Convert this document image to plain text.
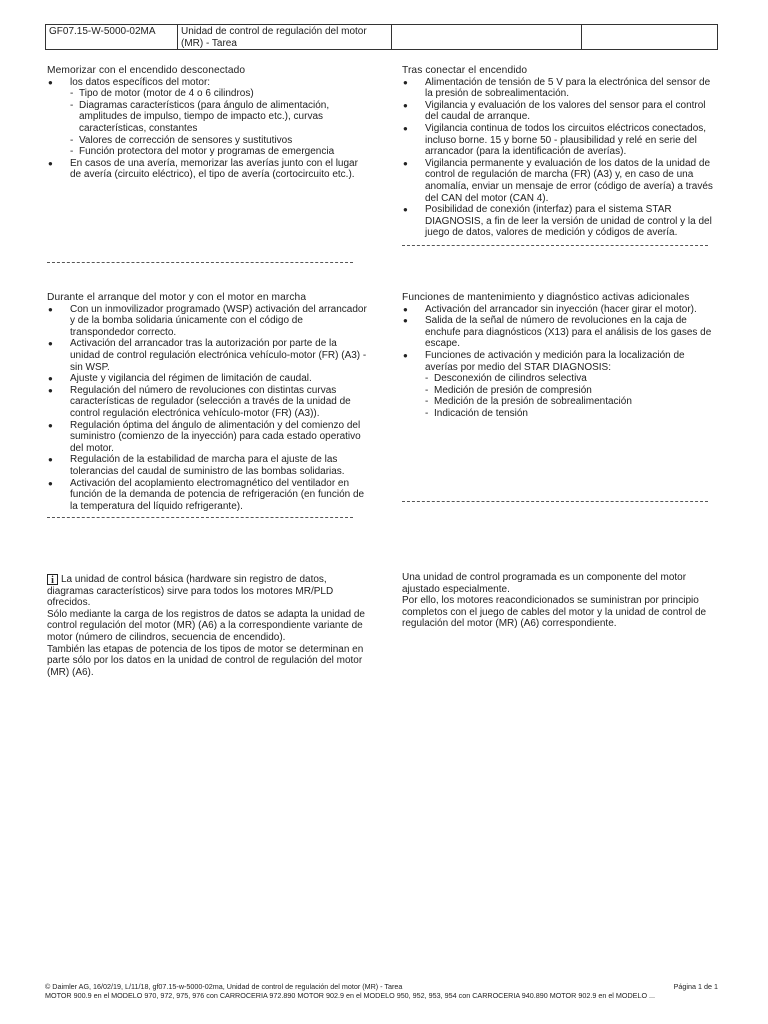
GF07.15-W-5000-02MA	Unidad de control de regulación del motor (MR) - Tarea
Memorizar con el encendido desconectado
● los datos específicos del motor:
- Tipo de motor (motor de 4 o 6 cilindros)
- Diagramas característicos (para ángulo de alimentación, amplitudes de impulso, tiempo de impacto etc.), curvas características, constantes
- Valores de corrección de sensores y sustitutivos
- Función protectora del motor y programas de emergencia
● En casos de una avería, memorizar las averías junto con el lugar de avería (circuito eléctrico), el tipo de avería (cortocircuito etc.).
Tras conectar el encendido
● Alimentación de tensión de 5 V para la electrónica del sensor de la presión de sobrealimentación.
● Vigilancia y evaluación de los valores del sensor para el control del caudal de arranque.
● Vigilancia continua de todos los circuitos eléctricos conectados, incluso borne. 15 y borne 50 - plausibilidad y relé en serie del arrancador (para la identificación de averías).
● Vigilancia permanente y evaluación de los datos de la unidad de control de regulación de marcha (FR) (A3) y, en caso de una anomalía, enviar un mensaje de error (código de avería) a través del CAN del motor (CAN 4).
● Posibilidad de conexión (interfaz) para el sistema STAR DIAGNOSIS, a fin de leer la versión de unidad de control y la del juego de datos, valores de medición y códigos de avería.
Durante el arranque del motor y con el motor en marcha
● Con un inmovilizador programado (WSP) activación del arrancador y de la bomba solidaria únicamente con el código de transpondedor correcto.
● Activación del arrancador tras la autorización por parte de la unidad de control regulación electrónica vehículo-motor (FR) (A3) - sin WSP.
● Ajuste y vigilancia del régimen de limitación de caudal.
● Regulación del número de revoluciones con distintas curvas características de regulador (selección a través de la unidad de control regulación electrónica vehículo-motor (FR) (A3)).
● Regulación óptima del ángulo de alimentación y del comienzo del suministro (comienzo de la inyección) para cada estado operativo del motor.
● Regulación de la estabilidad de marcha para el ajuste de las tolerancias del caudal de suministro de las bombas solidarias.
● Activación del acoplamiento electromagnético del ventilador en función de la demanda de potencia de refrigeración (en función de la temperatura del líquido refrigerante).
Funciones de mantenimiento y diagnóstico activas adicionales
● Activación del arrancador sin inyección (hacer girar el motor).
● Salida de la señal de número de revoluciones en la caja de enchufe para diagnósticos (X13) para el análisis de los gases de escape.
● Funciones de activación y medición para la localización de averías por medio del STAR DIAGNOSIS:
- Desconexión de cilindros selectiva
- Medición de presión de compresión
- Medición de la presión de sobrealimentación
- Indicación de tensión

i La unidad de control básica (hardware sin registro de datos, diagramas característicos) sirve para todos los motores MR/PLD ofrecidos.

Sólo mediante la carga de los registros de datos se adapta la unidad de control regulación del motor (MR) (A6) a la correspondiente variante de motor (número de cilindros, secuencia de encendido).

También las etapas de potencia de los tipos de motor se determinan en parte sólo por los datos en la unidad de control de regulación del motor (MR) (A6).

Una unidad de control programada es un componente del motor ajustado especialmente.

Por ello, los motores reacondicionados se suministran por principio completos con el juego de cables del motor y la unidad de control de regulación del motor (MR) (A6) correspondiente.

© Daimler AG, 16/02/19, L/11/18, gf07.15-w-5000-02ma, Unidad de control de regulación del motor (MR) - Tarea	Página 1 de 1
MOTOR 900.9 en el MODELO 970, 972, 975, 976 con CARROCERIA 972.890 MOTOR 902.9 en el MODELO 950, 952, 953, 954 con CARROCERIA 940.890 MOTOR 902.9 en el MODELO ...
